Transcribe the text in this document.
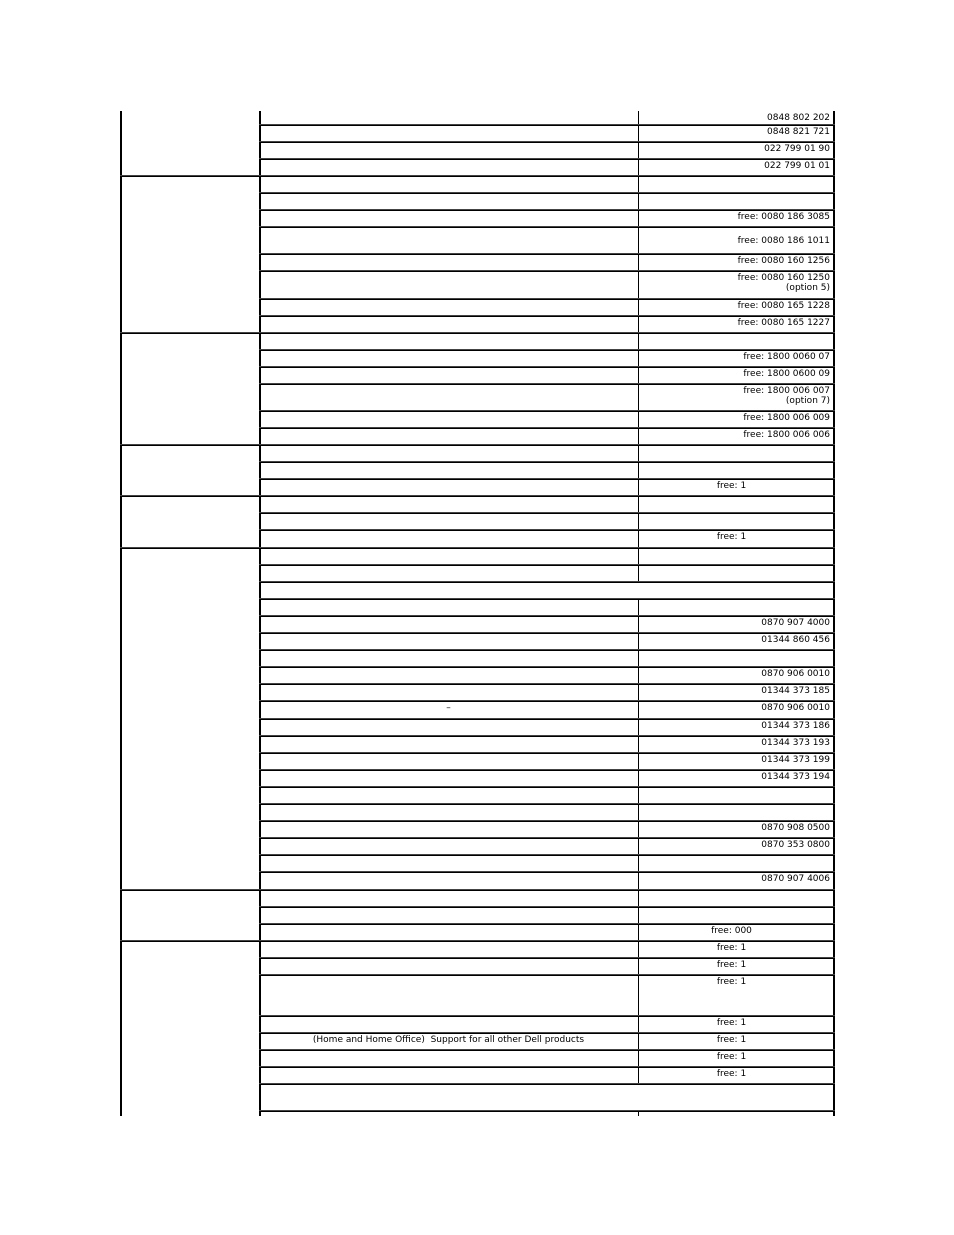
0848 802 202
0848 821 721
022 799 01 90
022 799 01 01
free: 0080 186 3085
free: 0080 186 1011
free: 0080 160 1256
free: 0080 160 1250
(option 5)
free: 0080 165 1228
free: 0080 165 1227
free: 1800 0060 07
free: 1800 0600 09
free: 1800 006 007
(option 7)
free: 1800 006 009
free: 1800 006 006
free: 1
free: 1
0870 907 4000
01344 860 456
0870 906 0010
01344 373 185
–	0870 906 0010
01344 373 186
01344 373 193
01344 373 199
01344 373 194
0870 908 0500
0870 353 0800
0870 907 4006
free: 000
free: 1
free: 1
free: 1
free: 1
(Home and Home Office)  Support for all other Dell products	free: 1
free: 1
free: 1
